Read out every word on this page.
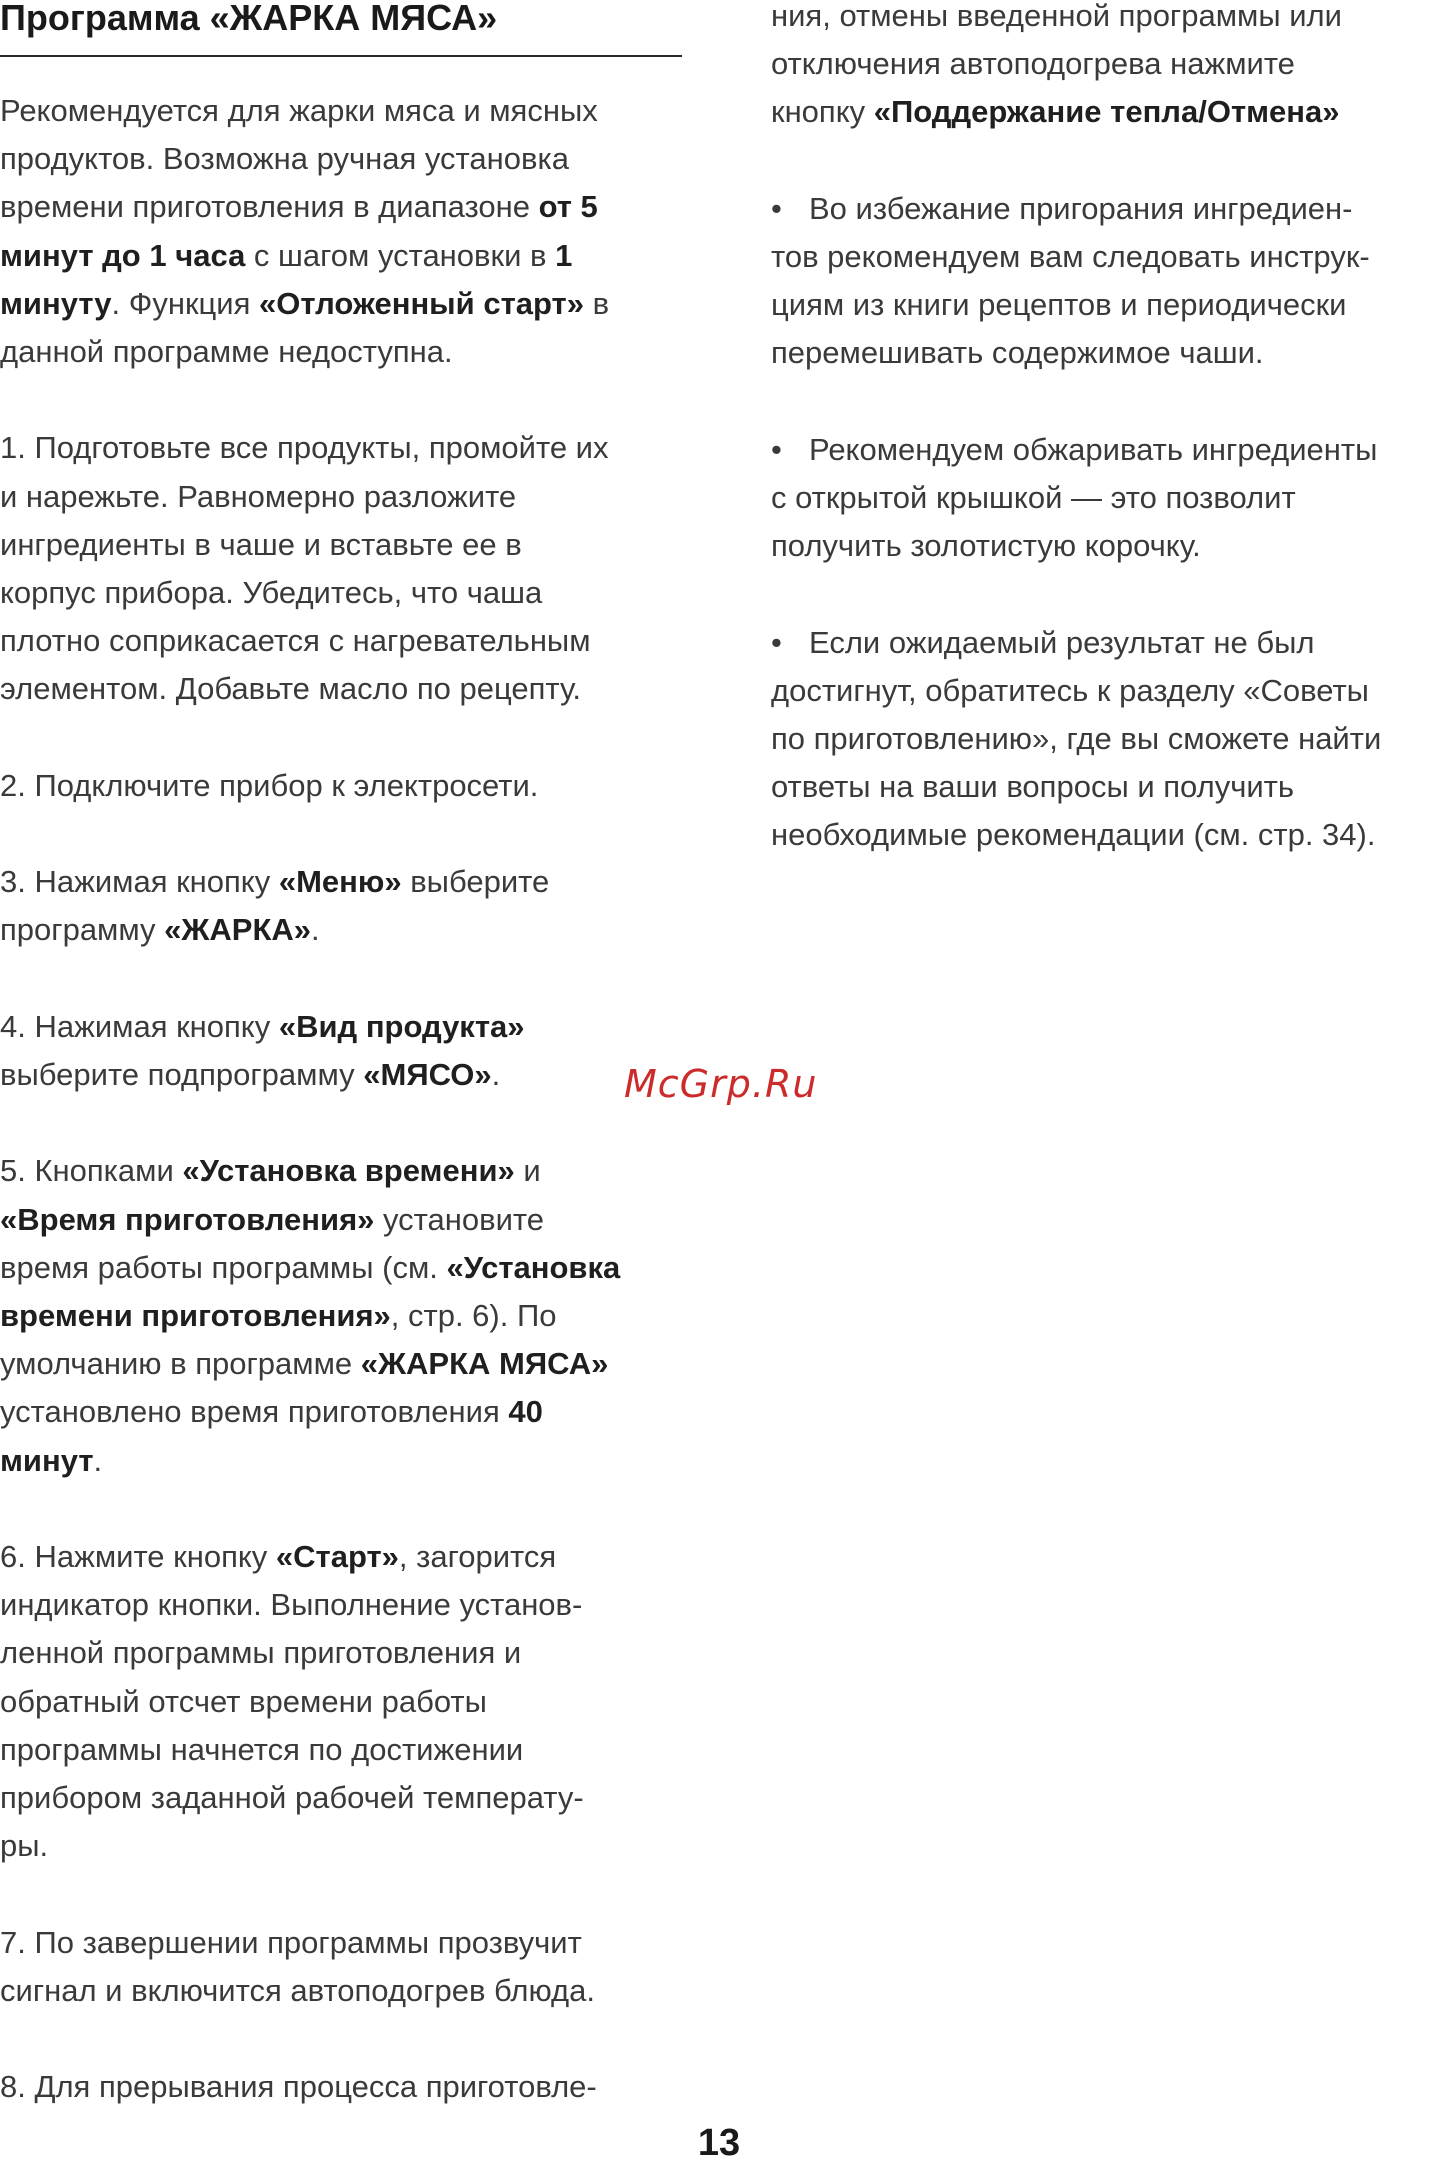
Программа «ЖАРКА МЯСА»

Рекомендуется для жарки мяса и мясных
продуктов. Возможна ручная установка
времени приготовления в диапазоне от 5
минут до 1 часа с шагом установки в 1
минуту. Функция «Отложенный старт» в
данной программе недоступна.

1. Подготовьте все продукты, промойте их
и нарежьте. Равномерно разложите
ингредиенты в чаше и вставьте ее в
корпус прибора. Убедитесь, что чаша
плотно соприкасается с нагревательным
элементом. Добавьте масло по рецепту.

2. Подключите прибор к электросети.

3. Нажимая кнопку «Меню» выберите
программу «ЖАРКА».

4. Нажимая кнопку «Вид продукта»
выберите подпрограмму «МЯСО».

5. Кнопками «Установка времени» и
«Время приготовления» установите
время работы программы (см. «Установка
времени приготовления», стр. 6). По
умолчанию в программе «ЖАРКА МЯСА»
установлено время приготовления 40
минут.

6. Нажмите кнопку «Старт», загорится
индикатор кнопки. Выполнение установ-
ленной программы приготовления и
обратный отсчет времени работы
программы начнется по достижении
прибором заданной рабочей температу-
ры.

7. По завершении программы прозвучит
сигнал и включится автоподогрев блюда.

8. Для прерывания процесса приготовле-

ния, отмены введенной программы или
отключения автоподогрева нажмите
кнопку «Поддержание тепла/Отмена»

• Во избежание пригорания ингредиен-
тов рекомендуем вам следовать инструк-
циям из книги рецептов и периодически
перемешивать содержимое чаши.

• Рекомендуем обжаривать ингредиенты
с открытой крышкой — это позволит
получить золотистую корочку.

• Если ожидаемый результат не был
достигнут, обратитесь к разделу «Советы
по приготовлению», где вы сможете найти
ответы на ваши вопросы и получить
необходимые рекомендации (см. стр. 34).

McGrp.Ru
13
